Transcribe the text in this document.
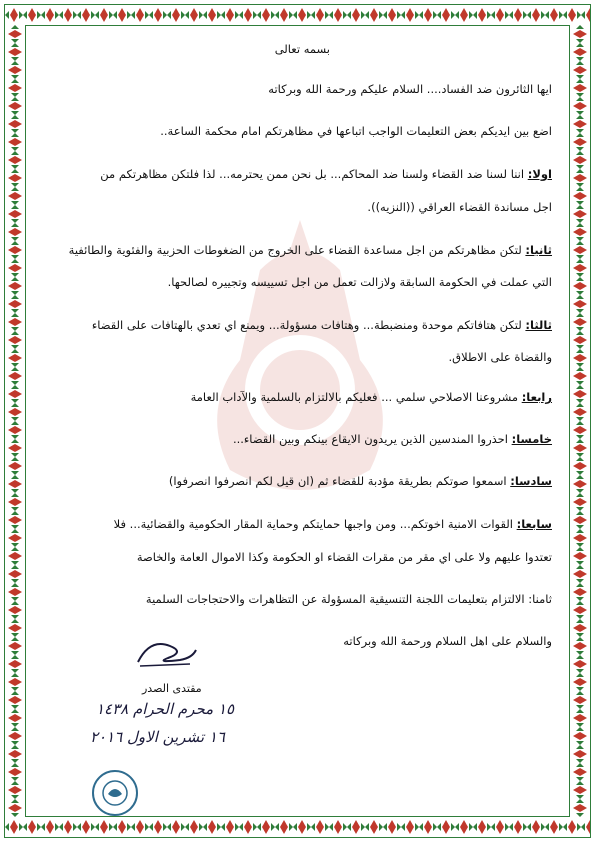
بسمه تعالى
ايها الثائرون ضد الفساد.... السلام عليكم ورحمة الله وبركاته
اضع بين ايديكم بعض التعليمات الواجب اتباعها في مظاهرتكم امام محكمة الساعة..
اولا: اننا لسنا ضد القضاء ولسنا ضد المحاكم... بل نحن ممن يحترمه... لذا فلتكن مظاهرتكم من
اجل مساندة القضاء العراقي ((النزيه)).
ثانيا: لتكن مظاهرتكم من اجل مساعدة القضاء على الخروج من الضغوطات الحزبية والفئوية والطائفية
التي عملت في الحكومة السابقة ولازالت تعمل من اجل تسييسه وتجييره لصالحها.
ثالثا: لتكن هتافاتكم موحدة ومنضبطة... وهتافات مسؤولة... ويمنع اي تعدي بالهتافات على القضاء
والقضاة على الاطلاق.
رابعا: مشروعنا الاصلاحي سلمي ... فعليكم بالالتزام بالسلمية والآداب العامة
خامسا: احذروا المندسين الذين يريدون الايقاع بينكم وبين القضاء...
سادسا: اسمعوا صوتكم بطريقة مؤدبة للقضاء ثم (ان قيل لكم انصرفوا انصرفوا)
سابعا: القوات الامنية اخوتكم... ومن واجبها حمايتكم وحماية المقار الحكومية والقضائية... فلا
تعتدوا عليهم ولا على اي مقر من مقرات القضاء او الحكومة وكذا الاموال العامة والخاصة
ثامنا: الالتزام بتعليمات اللجنة التنسيقية المسؤولة عن التظاهرات والاحتجاجات السلمية
والسلام على اهل السلام ورحمة الله وبركاته
مقتدى الصدر
١٥ محرم الحرام ١٤٣٨
١٦ تشرين الاول ٢٠١٦
